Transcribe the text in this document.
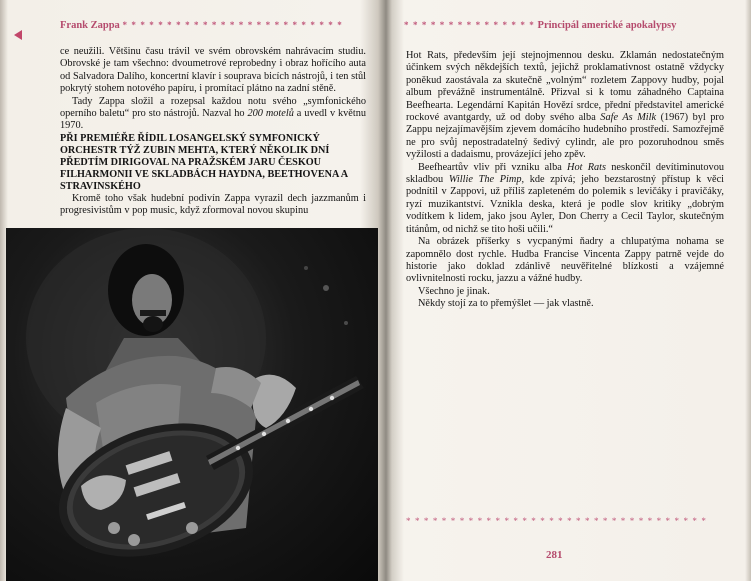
Frank Zappa * * * * * * * * * * * * * * * * * * * * * * * * *

ce neužili. Většinu času trávil ve svém obrovském nahrávacím studiu. Obrovské je tam všechno: dvoumetrové reprobedny i obraz hořícího auta od Salvadora Dalího, koncertní klavír i souprava bicích nástrojů, i ten stůl pokrytý stohem notového papíru, i promítací plátno na zadní stěně.

Tady Zappa složil a rozepsal každou notu svého „symfonického operního baletu“ pro sto nástrojů. Nazval ho 200 motelů a uvedl v květnu 1970.

PŘI PREMIÉŘE ŘÍDIL LOSANGELSKÝ SYMFONICKÝ ORCHESTR TÝŽ ZUBIN MEHTA, KTERÝ NĚKOLIK DNÍ PŘEDTÍM DIRIGOVAL NA PRAŽSKÉM JARU ČESKOU FILHARMONII VE SKLADBÁCH HAYDNA, BEETHOVENA A STRAVINSKÉHO

Kromě toho však hudební podivín Zappa vyrazil dech jazzmanům i progresivistům v pop music, když zformoval novou skupinu

* * * * * * * * * * * * * * * Principál americké apokalypsy

Hot Rats, především její stejnojmennou desku. Zklamán nedostatečným účinkem svých někdejších textů, jejichž proklamativnost ostatně vždycky poněkud zaostávala za skutečně „volným“ rozletem Zappovy hudby, pojal album převážně instrumentálně. Přizval si k tomu záhadného Captaina Beefhearta. Legendární Kapitán Hovězí srdce, přední představitel americké rockové avantgardy, už od doby svého alba Safe As Milk (1967) byl pro Zappu nejzajímavějším zjevem domácího hudebního prostředí. Samozřejmě ne pro svůj nepostradatelný šedivý cylindr, ale pro pozoruhodnou směs vyžilosti a dadaismu, provázející jeho zpěv.

Beefheartův vliv při vzniku alba Hot Rats neskončil devítiminutovou skladbou Willie The Pimp, kde zpívá; jeho bezstarostný přístup k věci podnítil v Zappovi, už příliš zapleteném do polemik s levičáky i pravičáky, ryzí muzikantství. Vznikla deska, která je podle slov kritiky „dobrým vodítkem k lidem, jako jsou Ayler, Don Cherry a Cecil Taylor, skutečným titánům, od nichž se tito hoši učili.“

Na obrázek příšerky s vycpanými ňadry a chlupatýma nohama se zapomnělo dost rychle. Hudba Francise Vincenta Zappy patrně vejde do historie jako doklad zdánlivě neuvěřitelné blízkosti a vzájemné ovlivnitelnosti rocku, jazzu a vážné hudby.

Všechno je jinak.

Někdy stojí za to přemýšlet — jak vlastně.

* * * * * * * * * * * * * * * * * * * * * * * * * * * * * * * * * *
281
